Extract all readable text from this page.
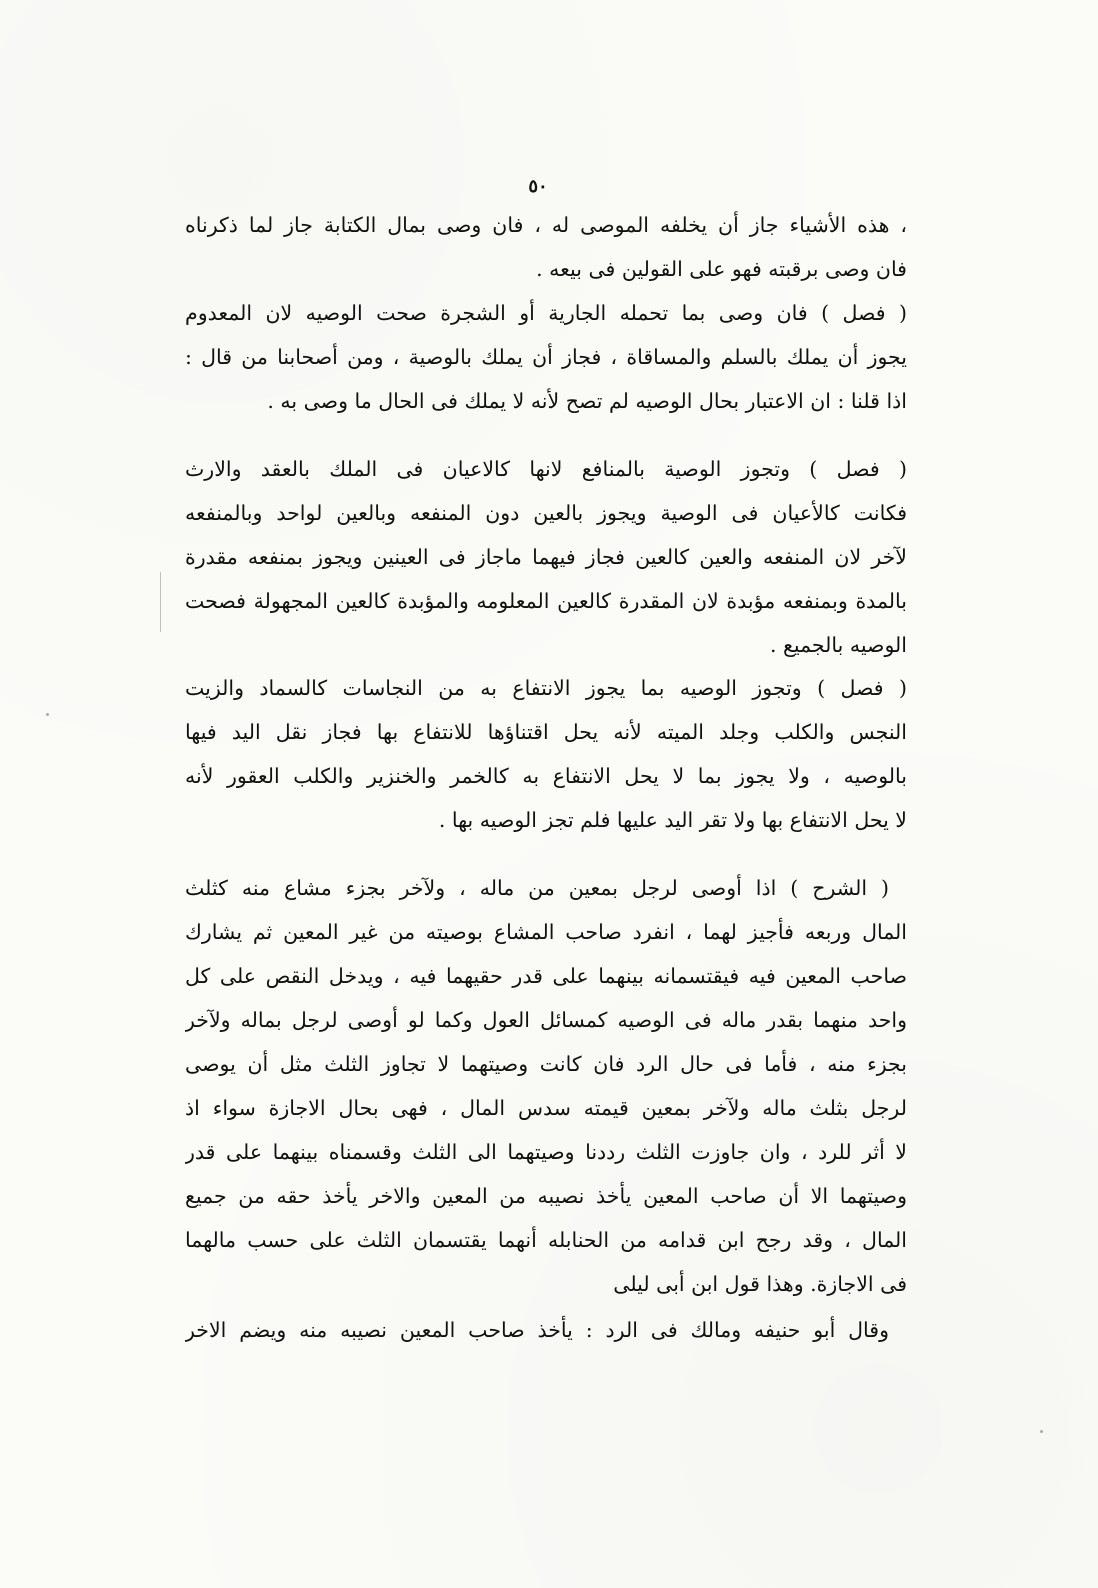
٥٠
، هذه الأشياء جاز أن يخلفه الموصى له ، فان وصى بمال الكتابة جاز لما ذكرناه
فان وصى برقبته فهو على القولين فى بيعه .
( فصل ) فان وصى بما تحمله الجارية أو الشجرة صحت الوصيه لان المعدوم
يجوز أن يملك بالسلم والمساقاة ، فجاز أن يملك بالوصية ، ومن أصحابنا من قال :
اذا قلنا : ان الاعتبار بحال الوصيه لم تصح لأنه لا يملك فى الحال ما وصى به .
( فصل ) وتجوز الوصية بالمنافع لانها كالاعيان فى الملك بالعقد والارث
فكانت كالأعيان فى الوصية ويجوز بالعين دون المنفعه وبالعين لواحد وبالمنفعه
لآخر لان المنفعه والعين كالعين فجاز فيهما ماجاز فى العينين ويجوز بمنفعه مقدرة
بالمدة وبمنفعه مؤبدة لان المقدرة كالعين المعلومه والمؤبدة كالعين المجهولة فصحت
الوصيه بالجميع .
( فصل ) وتجوز الوصيه بما يجوز الانتفاع به من النجاسات كالسماد والزيت
النجس والكلب وجلد الميته لأنه يحل اقتناؤها للانتفاع بها فجاز نقل اليد فيها
بالوصيه ، ولا يجوز بما لا يحل الانتفاع به كالخمر والخنزير والكلب العقور لأنه
لا يحل الانتفاع بها ولا تقر اليد عليها فلم تجز الوصيه بها .
( الشرح ) اذا أوصى لرجل بمعين من ماله ، ولآخر بجزء مشاع منه كثلث
المال وربعه فأجيز لهما ، انفرد صاحب المشاع بوصيته من غير المعين ثم يشارك
صاحب المعين فيه فيقتسمانه بينهما على قدر حقيهما فيه ، ويدخل النقص على كل
واحد منهما بقدر ماله فى الوصيه كمسائل العول وكما لو أوصى لرجل بماله ولآخر
بجزء منه ، فأما فى حال الرد فان كانت وصيتهما لا تجاوز الثلث مثل أن يوصى
لرجل بثلث ماله ولآخر بمعين قيمته سدس المال ، فهى بحال الاجازة سواء اذ
لا أثر للرد ، وان جاوزت الثلث رددنا وصيتهما الى الثلث وقسمناه بينهما على قدر
وصيتهما الا أن صاحب المعين يأخذ نصيبه من المعين والاخر يأخذ حقه من جميع
المال ، وقد رجح ابن قدامه من الحنابله أنهما يقتسمان الثلث على حسب مالهما
فى الاجازة. وهذا قول ابن أبى ليلى
وقال أبو حنيفه ومالك فى الرد : يأخذ صاحب المعين نصيبه منه ويضم الاخر
